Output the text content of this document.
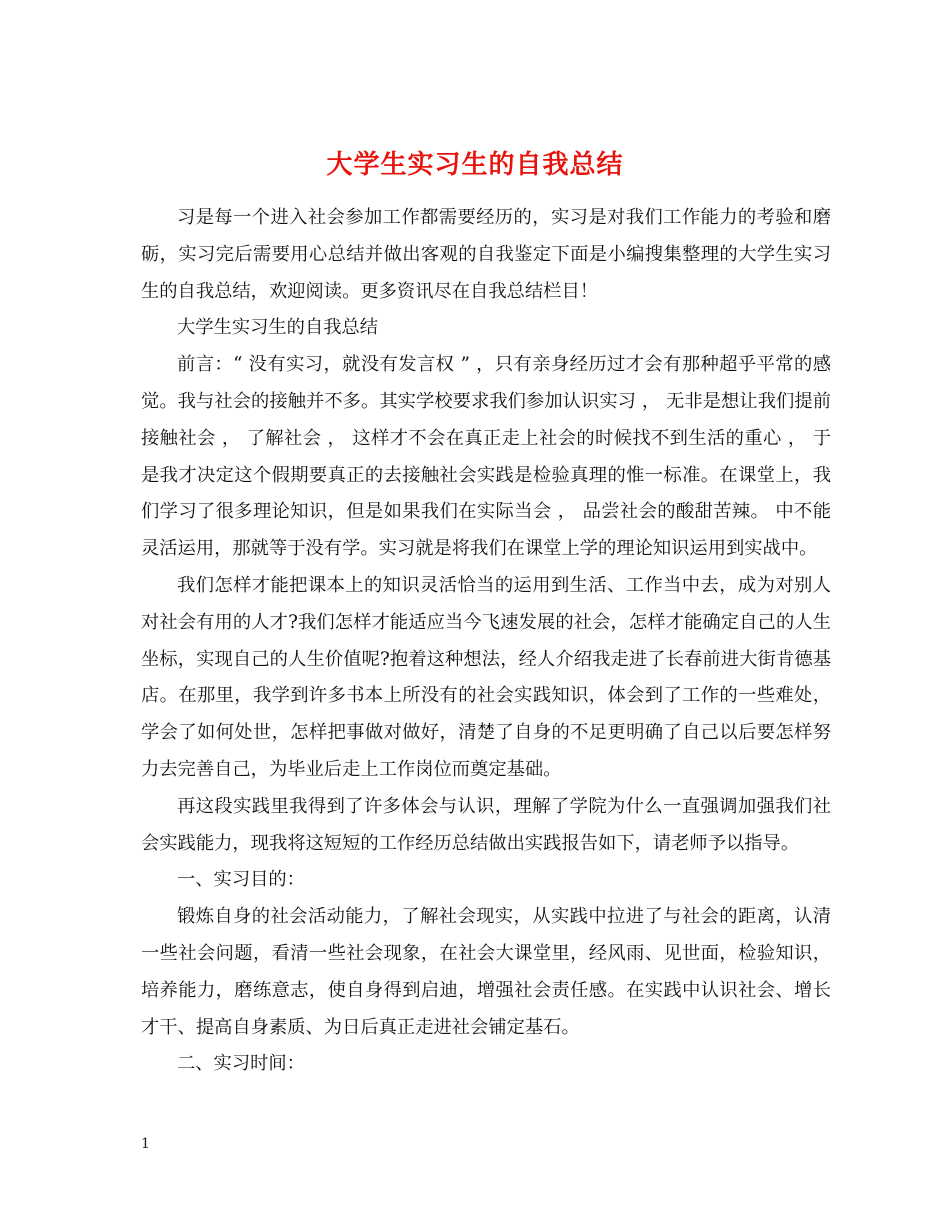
大学生实习生的自我总结

习是每一个进入社会参加工作都需要经历的，实习是对我们工作能力的考验和磨砺，实习完后需要用心总结并做出客观的自我鉴定下面是小编搜集整理的大学生实习生的自我总结，欢迎阅读。更多资讯尽在自我总结栏目！

大学生实习生的自我总结

前言：“ 没有实习，就没有发言权 ” ，只有亲身经历过才会有那种超乎平常的感觉。我与社会的接触并不多。其实学校要求我们参加认识实习 ， 无非是想让我们提前接触社会 ， 了解社会 ， 这样才不会在真正走上社会的时候找不到生活的重心 ， 于是我才决定这个假期要真正的去接触社会实践是检验真理的惟一标准。在课堂上，我们学习了很多理论知识，但是如果我们在实际当会 ， 品尝社会的酸甜苦辣。 中不能灵活运用，那就等于没有学。实习就是将我们在课堂上学的理论知识运用到实战中。

我们怎样才能把课本上的知识灵活恰当的运用到生活、工作当中去，成为对别人对社会有用的人才?我们怎样才能适应当今飞速发展的社会，怎样才能确定自己的人生坐标，实现自己的人生价值呢?抱着这种想法，经人介绍我走进了长春前进大街肯德基店。在那里，我学到许多书本上所没有的社会实践知识，体会到了工作的一些难处，学会了如何处世，怎样把事做对做好，清楚了自身的不足更明确了自己以后要怎样努力去完善自己，为毕业后走上工作岗位而奠定基础。

再这段实践里我得到了许多体会与认识，理解了学院为什么一直强调加强我们社会实践能力，现我将这短短的工作经历总结做出实践报告如下，请老师予以指导。

一、实习目的：

锻炼自身的社会活动能力，了解社会现实，从实践中拉进了与社会的距离，认清一些社会问题，看清一些社会现象，在社会大课堂里，经风雨、见世面，检验知识，培养能力，磨练意志，使自身得到启迪，增强社会责任感。在实践中认识社会、增长才干、提高自身素质、为日后真正走进社会铺定基石。

二、实习时间：

1
